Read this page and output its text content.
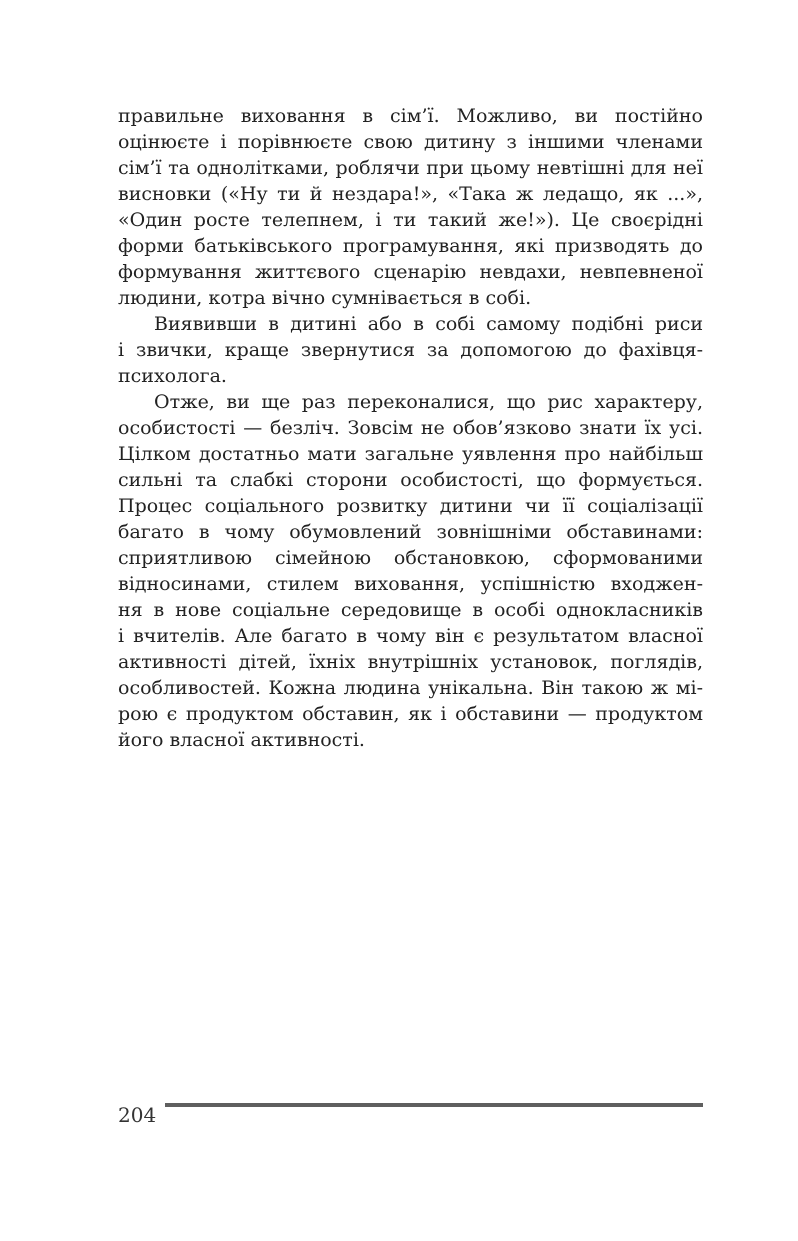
правильне виховання в сім’ї. Можливо, ви постійно
оцінюєте і порівнюєте свою дитину з іншими членами
сім’ї та однолітками, роблячи при цьому невтішні для неї
висновки («Ну ти й нездара!», «Така ж ледащо, як ...»,
«Один росте телепнем, і ти такий же!»). Це своєрідні
форми батьківського програмування, які призводять до
формування життєвого сценарію невдахи, невпевненої
людини, котра вічно сумнівається в собі.
Виявивши в дитині або в собі самому подібні риси
і звички, краще звернутися за допомогою до фахівця-
психолога.
Отже, ви ще раз переконалися, що рис характеру,
особистості — безліч. Зовсім не обов’язково знати їх усі.
Цілком достатньо мати загальне уявлення про найбільш
сильні та слабкі сторони особистості, що формується.
Процес соціального розвитку дитини чи її соціалізації
багато в чому обумовлений зовнішніми обставинами:
сприятливою сімейною обстановкою, сформованими
відносинами, стилем виховання, успішністю входжен-
ня в нове соціальне середовище в особі однокласників
і вчителів. Але багато в чому він є результатом власної
активності дітей, їхніх внутрішніх установок, поглядів,
особливостей. Кожна людина унікальна. Він такою ж мі-
рою є продуктом обставин, як і обставини — продуктом
його власної активності.
204
